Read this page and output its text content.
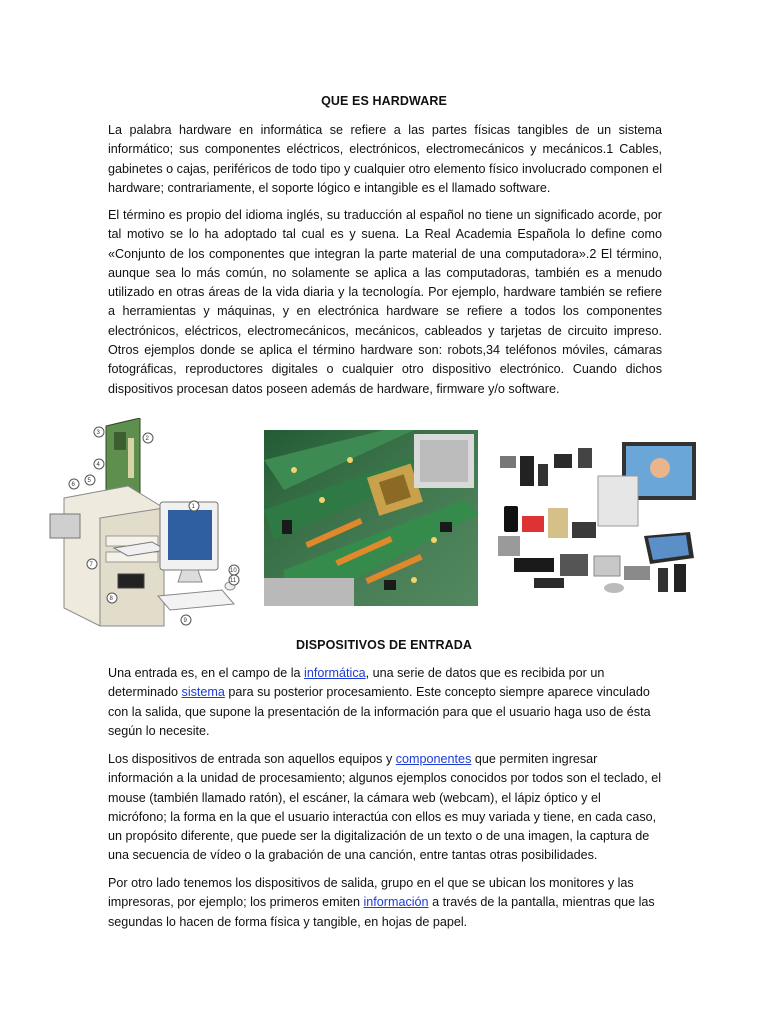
QUE ES HARDWARE

La palabra hardware en informática se refiere a las partes físicas tangibles de un sistema informático; sus componentes eléctricos, electrónicos, electromecánicos y mecánicos.1 Cables, gabinetes o cajas, periféricos de todo tipo y cualquier otro elemento físico involucrado componen el hardware; contrariamente, el soporte lógico e intangible es el llamado software.

El término es propio del idioma inglés, su traducción al español no tiene un significado acorde, por tal motivo se lo ha adoptado tal cual es y suena. La Real Academia Española lo define como «Conjunto de los componentes que integran la parte material de una computadora».2 El término, aunque sea lo más común, no solamente se aplica a las computadoras, también es a menudo utilizado en otras áreas de la vida diaria y la tecnología. Por ejemplo, hardware también se refiere a herramientas y máquinas, y en electrónica hardware se refiere a todos los componentes electrónicos, eléctricos, electromecánicos, mecánicos, cableados y tarjetas de circuito impreso. Otros ejemplos donde se aplica el término hardware son: robots,34 teléfonos móviles, cámaras fotográficas, reproductores digitales o cualquier otro dispositivo electrónico. Cuando dichos dispositivos procesan datos poseen además de hardware, firmware y/o software.

3
2
4
5
6
1
7
8
9
10
11
DISPOSITIVOS DE ENTRADA

Una entrada es, en el campo de la informática, una serie de datos que es recibida por un determinado sistema para su posterior procesamiento. Este concepto siempre aparece vinculado con la salida, que supone la presentación de la información para que el usuario haga uso de ésta según lo necesite.

Los dispositivos de entrada son aquellos equipos y componentes que permiten ingresar información a la unidad de procesamiento; algunos ejemplos conocidos por todos son el teclado, el mouse (también llamado ratón), el escáner, la cámara web (webcam), el lápiz óptico y el micrófono; la forma en la que el usuario interactúa con ellos es muy variada y tiene, en cada caso, un propósito diferente, que puede ser la digitalización de un texto o de una imagen, la captura de una secuencia de vídeo o la grabación de una canción, entre tantas otras posibilidades.

Por otro lado tenemos los dispositivos de salida, grupo en el que se ubican los monitores y las impresoras, por ejemplo; los primeros emiten información a través de la pantalla, mientras que las segundas lo hacen de forma física y tangible, en hojas de papel.
